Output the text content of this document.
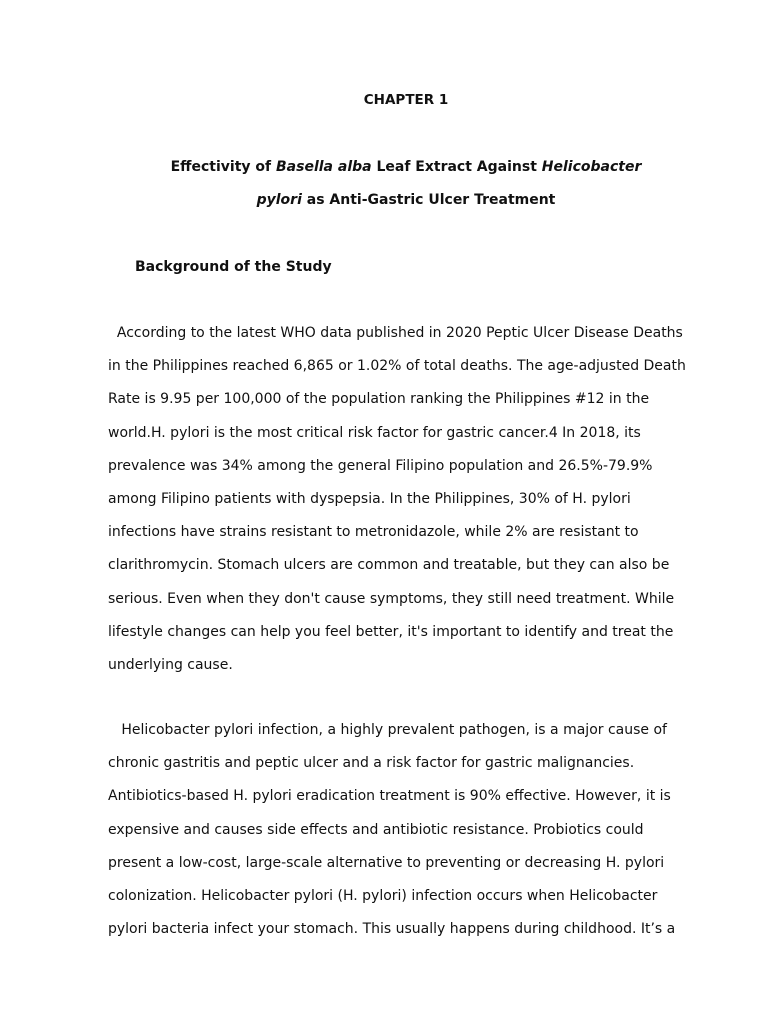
CHAPTER 1
Effectivity of Basella alba Leaf Extract Against Helicobacter
pylori as Anti-Gastric Ulcer Treatment
Background of the Study
According to the latest WHO data published in 2020 Peptic Ulcer Disease Deaths
in the Philippines reached 6,865 or 1.02% of total deaths. The age-adjusted Death
Rate is 9.95 per 100,000 of the population ranking the Philippines #12 in the
world.H. pylori is the most critical risk factor for gastric cancer.4 In 2018, its
prevalence was 34% among the general Filipino population and 26.5%-79.9%
among Filipino patients with dyspepsia. In the Philippines, 30% of H. pylori
infections have strains resistant to metronidazole, while 2% are resistant to
clarithromycin. Stomach ulcers are common and treatable, but they can also be
serious. Even when they don't cause symptoms, they still need treatment. While
lifestyle changes can help you feel better, it's important to identify and treat the
underlying cause.
Helicobacter pylori infection, a highly prevalent pathogen, is a major cause of
chronic gastritis and peptic ulcer and a risk factor for gastric malignancies.
Antibiotics-based H. pylori eradication treatment is 90% effective. However, it is
expensive and causes side effects and antibiotic resistance. Probiotics could
present a low-cost, large-scale alternative to preventing or decreasing H. pylori
colonization. Helicobacter pylori (H. pylori) infection occurs when Helicobacter
pylori bacteria infect your stomach. This usually happens during childhood. It’s a
